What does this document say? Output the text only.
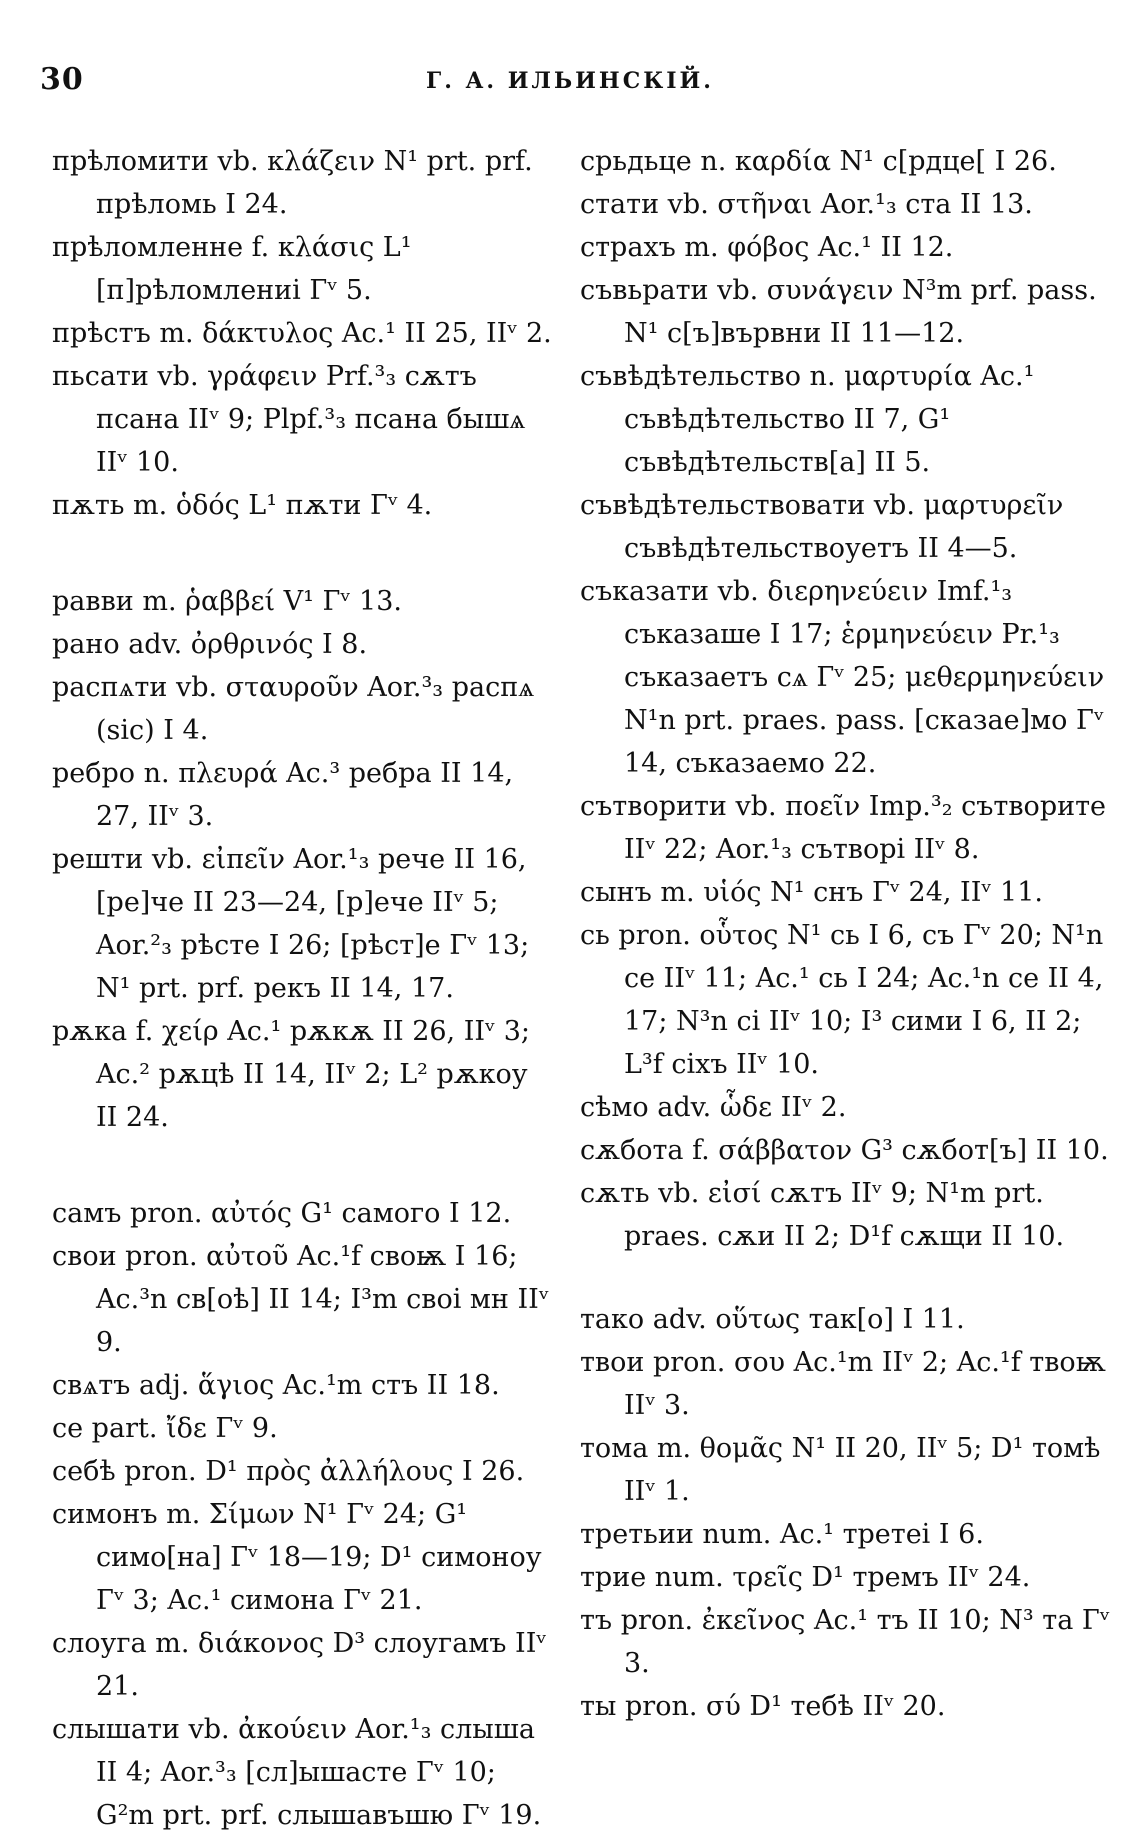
30	Г. А. ИЛЬИНСКІЙ.

прѣломити vb. κλάζειν N¹ prt. prf. прѣломь I 24.

прѣломленне f. κλάσις L¹ [п]рѣломлениі Гᵛ 5.

прѣстъ m. δάκτυλος Ac.¹ II 25, IIᵛ 2.

пьсати vb. γράφειν Prf.³₃ сѫтъ псана IIᵛ 9; Plpf.³₃ псана бышѧ IIᵛ 10.

пѫть m. ὁδός L¹ пѫти Гᵛ 4.

равви m. ῥαββεί V¹ Гᵛ 13.

рано adv. ὀρθρινός I 8.

распѧти vb. σταυροῦν Aor.³₃ распѧ (sic) I 4.

ребро n. πλευρά Ac.³ ребра II 14, 27, IIᵛ 3.

решти vb. εἰπεῖν Aor.¹₃ рече II 16, [ре]че II 23—24, [р]ече IIᵛ 5; Aor.²₃ рѣсте I 26; [рѣст]е Гᵛ 13; N¹ prt. prf. рекъ II 14, 17.

рѫка f. χείρ Ac.¹ рѫкѫ II 26, IIᵛ 3; Ac.² рѫцѣ II 14, IIᵛ 2; L² рѫкоу II 24.

самъ pron. αὐτός G¹ самого I 12.

свои pron. αὐτοῦ Ac.¹f своѭ I 16; Ac.³n св[оѣ] II 14; I³m своі мн IIᵛ 9.

свѧтъ adj. ἅγιος Ac.¹m стъ II 18.

се part. ἴδε Гᵛ 9.

себѣ pron. D¹ πρὸς ἀλλήλους I 26.

симонъ m. Σίμων N¹ Гᵛ 24; G¹ симо[на] Гᵛ 18—19; D¹ симоноу Гᵛ 3; Ac.¹ симона Гᵛ 21.

слоуга m. διάκονος D³ слоугамъ IIᵛ 21.

слышати vb. ἀκούειν Aor.¹₃ слыша II 4; Aor.³₃ [сл]ышасте Гᵛ 10; G²m prt. prf. слышавъшю Гᵛ 19.

срьдьце n. καρδία N¹ с[рдце[ I 26.

стати vb. στῆναι Aor.¹₃ ста II 13.

страхъ m. φόβος Ac.¹ II 12.

съвьрати vb. συνάγειν N³m prf. pass. N¹ с[ъ]вървни II 11—12.

съвѣдѣтельство n. μαρτυρία Ac.¹ съвѣдѣтельство II 7, G¹ съвѣдѣтельств[а] II 5.

съвѣдѣтельствовати vb. μαρτυρεῖν съвѣдѣтельствоуетъ II 4—5.

съказати vb. διερηνεύειν Imf.¹₃ съказаше I 17; ἑρμηνεύειν Pr.¹₃ съказаетъ сѧ Гᵛ 25; μεθερμηνεύειν N¹n prt. praes. pass. [сказае]мо Гᵛ 14, съказаемо 22.

сътворити vb. ποεῖν Imp.³₂ сътворите IIᵛ 22; Aor.¹₃ сътворі IIᵛ 8.

сынъ m. υἱός N¹ снъ Гᵛ 24, IIᵛ 11.

сь pron. οὗτος N¹ сь I 6, съ Гᵛ 20; N¹n се IIᵛ 11; Ac.¹ сь I 24; Ac.¹n се II 4, 17; N³n сі IIᵛ 10; I³ сими I 6, II 2; L³f сіхъ IIᵛ 10.

сѣмо adv. ὧδε IIᵛ 2.

сѫбота f. σάββατον G³ сѫбот[ъ] II 10.

сѫть vb. εἰσί сѫтъ IIᵛ 9; N¹m prt. praes. сѫи II 2; D¹f сѫщи II 10.

тако adv. οὕτως так[о] I 11.

твои pron. σου Ac.¹m IIᵛ 2; Ac.¹f твоѭ IIᵛ 3.

тома m. θομᾶς N¹ II 20, IIᵛ 5; D¹ томѣ IIᵛ 1.

третьии num. Ac.¹ третеі I 6.

трие num. τρεῖς D¹ тремъ IIᵛ 24.

тъ pron. ἐκεῖνος Ac.¹ тъ II 10; N³ та Гᵛ 3.

ты pron. σύ D¹ тебѣ IIᵛ 20.
